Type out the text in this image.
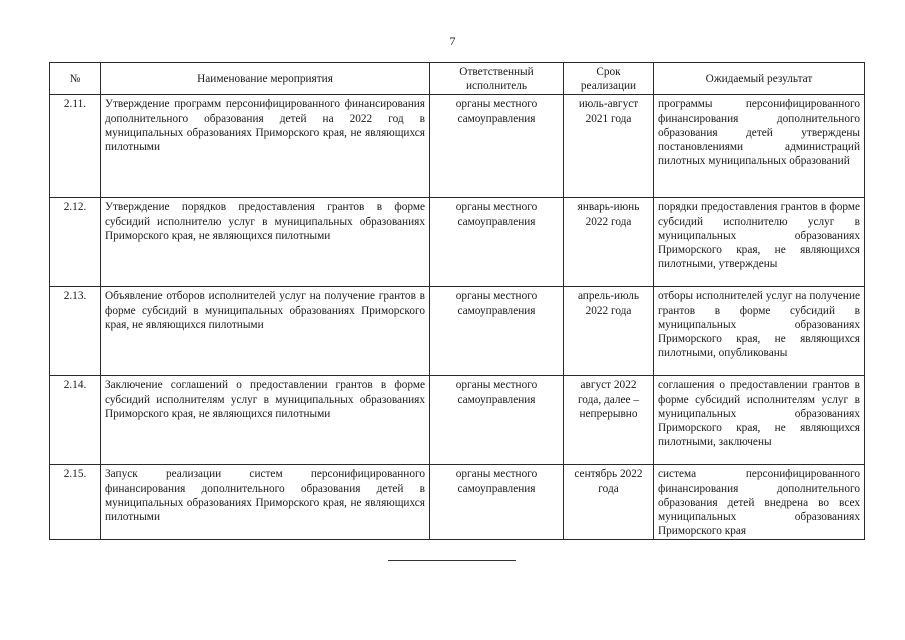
7
№	Наименование мероприятия	Ответственный исполнитель	Срок реализации	Ожидаемый результат
2.11.	Утверждение программ персонифицированного финансирования дополнительного образования детей на 2022 год в муниципальных образованиях Приморского края, не являющихся пилотными	органы местного самоуправления	июль-август 2021 года	программы персонифицированного финансирования дополнительного образования детей утверждены постановлениями администраций пилотных муниципальных образований
2.12.	Утверждение порядков предоставления грантов в форме субсидий исполнителю услуг в муниципальных образованиях Приморского края, не являющихся пилотными	органы местного самоуправления	январь-июнь 2022 года	порядки предоставления грантов в форме субсидий исполнителю услуг в муниципальных образованиях Приморского края, не являющихся пилотными, утверждены
2.13.	Объявление отборов исполнителей услуг на получение грантов в форме субсидий в муниципальных образованиях Приморского края, не являющихся пилотными	органы местного самоуправления	апрель-июль 2022 года	отборы исполнителей услуг на получение грантов в форме субсидий в муниципальных образованиях Приморского края, не являющихся пилотными, опубликованы
2.14.	Заключение соглашений о предоставлении грантов в форме субсидий исполнителям услуг в муниципальных образованиях Приморского края, не являющихся пилотными	органы местного самоуправления	август 2022 года, далее – непрерывно	соглашения о предоставлении грантов в форме субсидий исполнителям услуг в муниципальных образованиях Приморского края, не являющихся пилотными, заключены
2.15.	Запуск реализации систем персонифицированного финансирования дополнительного образования детей в муниципальных образованиях Приморского края, не являющихся пилотными	органы местного самоуправления	сентябрь 2022 года	система персонифицированного финансирования дополнительного образования детей внедрена во всех муниципальных образованиях Приморского края
